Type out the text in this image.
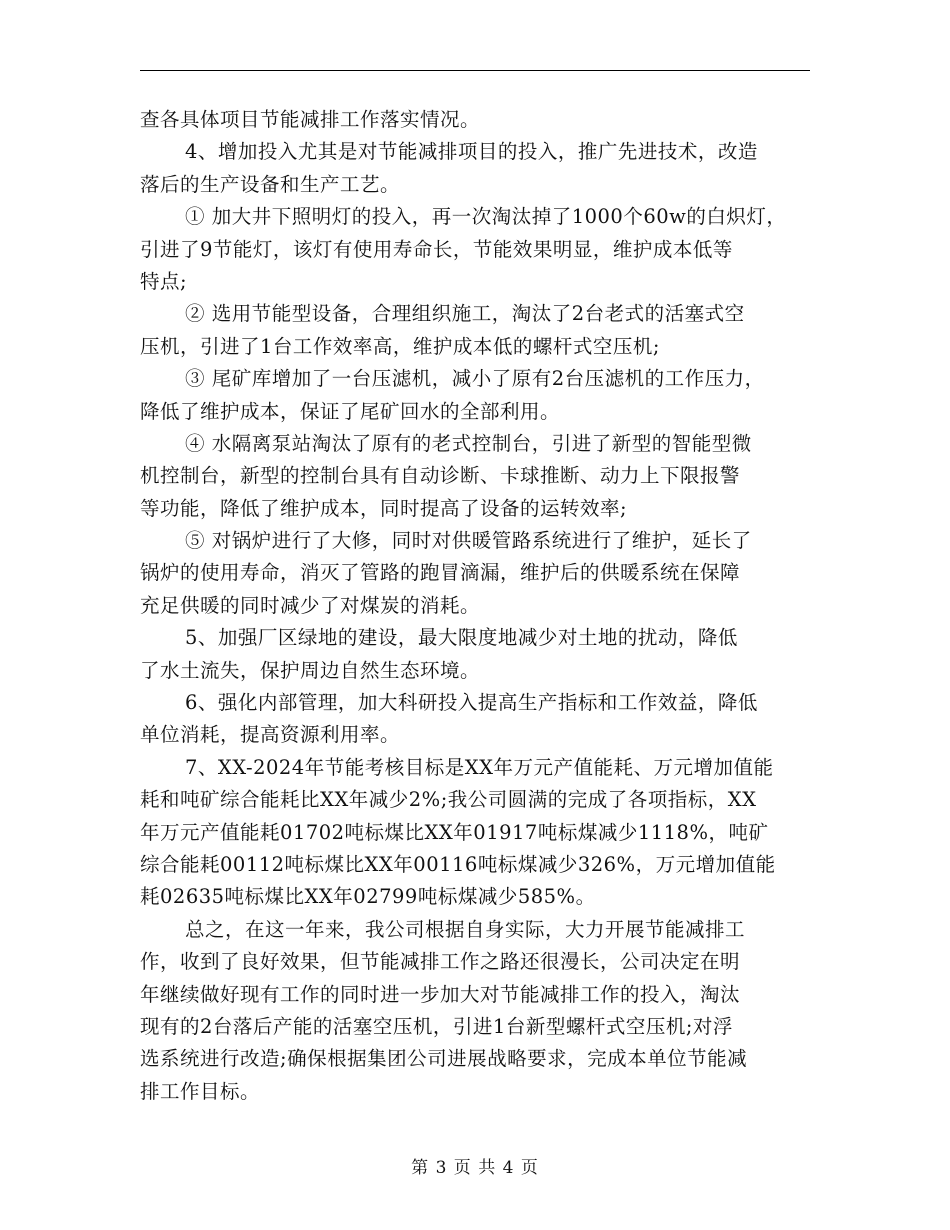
查各具体项目节能减排工作落实情况。
4、增加投入尤其是对节能减排项目的投入，推广先进技术，改造
落后的生产设备和生产工艺。
① 加大井下照明灯的投入，再一次淘汰掉了1000个60w的白炽灯，
引进了9节能灯，该灯有使用寿命长，节能效果明显，维护成本低等
特点;
② 选用节能型设备，合理组织施工，淘汰了2台老式的活塞式空
压机，引进了1台工作效率高，维护成本低的螺杆式空压机;
③ 尾矿库增加了一台压滤机，减小了原有2台压滤机的工作压力，
降低了维护成本，保证了尾矿回水的全部利用。
④ 水隔离泵站淘汰了原有的老式控制台，引进了新型的智能型微
机控制台，新型的控制台具有自动诊断、卡球推断、动力上下限报警
等功能，降低了维护成本，同时提高了设备的运转效率;
⑤ 对锅炉进行了大修，同时对供暖管路系统进行了维护，延长了
锅炉的使用寿命，消灭了管路的跑冒滴漏，维护后的供暖系统在保障
充足供暖的同时减少了对煤炭的消耗。
5、加强厂区绿地的建设，最大限度地减少对土地的扰动，降低
了水土流失，保护周边自然生态环境。
6、强化内部管理，加大科研投入提高生产指标和工作效益，降低
单位消耗，提高资源利用率。
7、XX-2024年节能考核目标是XX年万元产值能耗、万元增加值能
耗和吨矿综合能耗比XX年减少2%;我公司圆满的完成了各项指标，XX
年万元产值能耗01702吨标煤比XX年01917吨标煤减少1118%，吨矿
综合能耗00112吨标煤比XX年00116吨标煤减少326%，万元增加值能
耗02635吨标煤比XX年02799吨标煤减少585%。
总之，在这一年来，我公司根据自身实际，大力开展节能减排工
作，收到了良好效果，但节能减排工作之路还很漫长，公司决定在明
年继续做好现有工作的同时进一步加大对节能减排工作的投入，淘汰
现有的2台落后产能的活塞空压机，引进1台新型螺杆式空压机;对浮
选系统进行改造;确保根据集团公司进展战略要求，完成本单位节能减
排工作目标。
第 3 页 共 4 页
